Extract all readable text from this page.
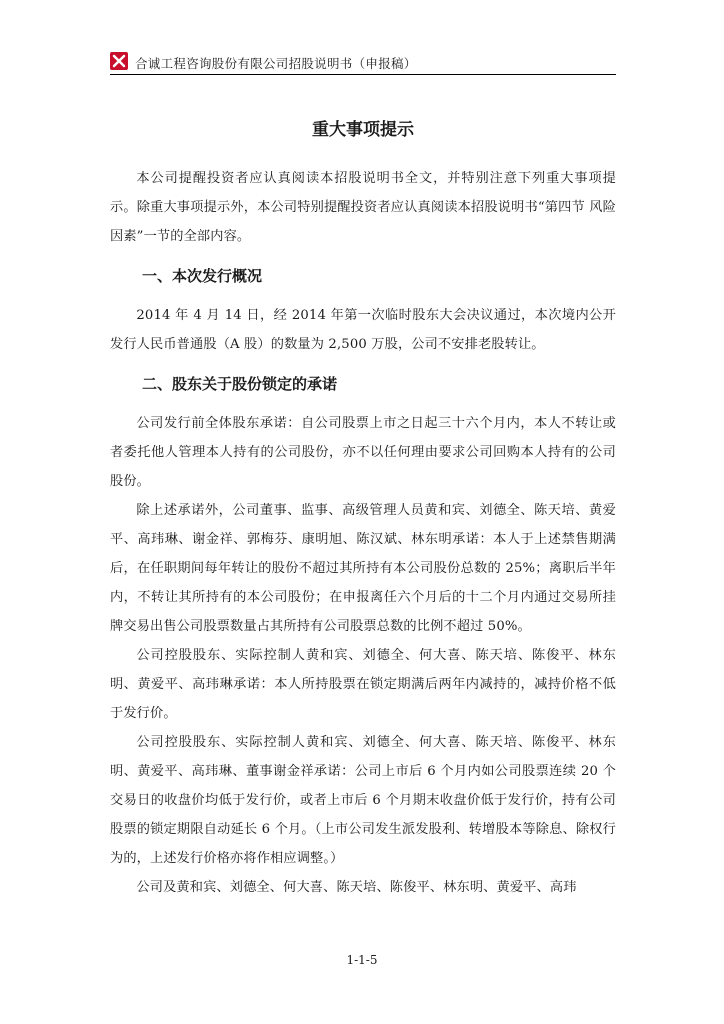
合诚工程咨询股份有限公司招股说明书（申报稿）
重大事项提示

本公司提醒投资者应认真阅读本招股说明书全文，并特别注意下列重大事项提示。除重大事项提示外，本公司特别提醒投资者应认真阅读本招股说明书“第四节 风险因素”一节的全部内容。

一、本次发行概况

2014 年 4 月 14 日，经 2014 年第一次临时股东大会决议通过，本次境内公开发行人民币普通股（A 股）的数量为 2,500 万股，公司不安排老股转让。

二、股东关于股份锁定的承诺

公司发行前全体股东承诺：自公司股票上市之日起三十六个月内，本人不转让或者委托他人管理本人持有的公司股份，亦不以任何理由要求公司回购本人持有的公司股份。

除上述承诺外，公司董事、监事、高级管理人员黄和宾、刘德全、陈天培、黄爱平、高玮琳、谢金祥、郭梅芬、康明旭、陈汉斌、林东明承诺：本人于上述禁售期满后，在任职期间每年转让的股份不超过其所持有本公司股份总数的 25%；离职后半年内，不转让其所持有的本公司股份；在申报离任六个月后的十二个月内通过交易所挂牌交易出售公司股票数量占其所持有公司股票总数的比例不超过 50%。

公司控股股东、实际控制人黄和宾、刘德全、何大喜、陈天培、陈俊平、林东明、黄爱平、高玮琳承诺：本人所持股票在锁定期满后两年内减持的，减持价格不低于发行价。

公司控股股东、实际控制人黄和宾、刘德全、何大喜、陈天培、陈俊平、林东明、黄爱平、高玮琳、董事谢金祥承诺：公司上市后 6 个月内如公司股票连续 20 个交易日的收盘价均低于发行价，或者上市后 6 个月期末收盘价低于发行价，持有公司股票的锁定期限自动延长 6 个月。（上市公司发生派发股利、转增股本等除息、除权行为的，上述发行价格亦将作相应调整。）

公司及黄和宾、刘德全、何大喜、陈天培、陈俊平、林东明、黄爱平、高玮

1-1-5
